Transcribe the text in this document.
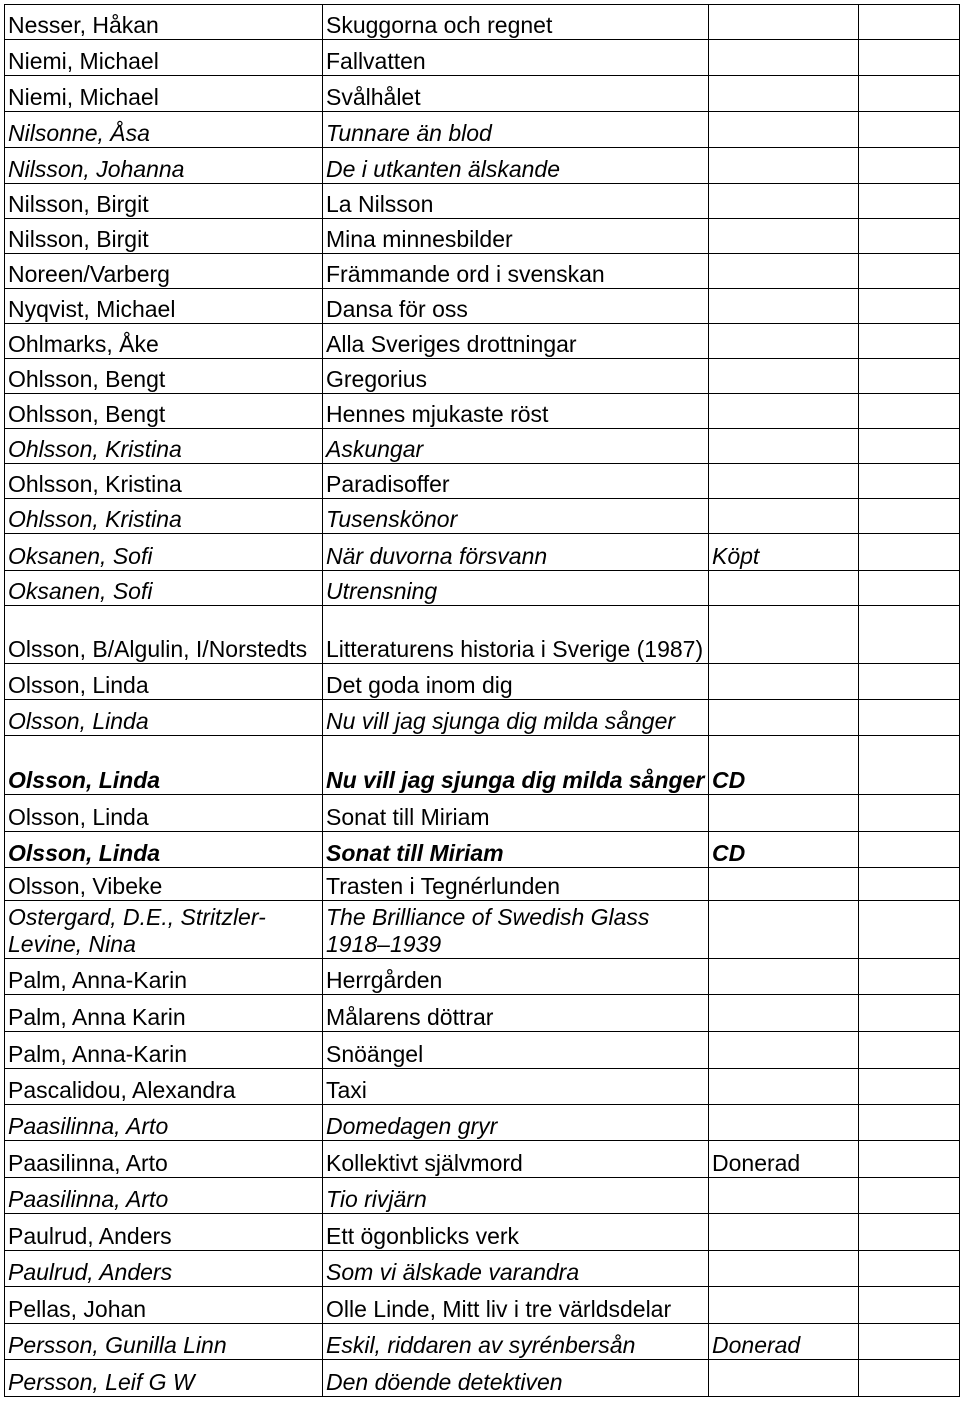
Nesser, Håkan	Skuggorna och regnet		
Niemi, Michael	Fallvatten		
Niemi, Michael	Svålhålet		
Nilsonne, Åsa	Tunnare än blod		
Nilsson, Johanna	De i utkanten älskande		
Nilsson, Birgit	La Nilsson		
Nilsson, Birgit	Mina minnesbilder		
Noreen/Varberg	Främmande ord i svenskan		
Nyqvist, Michael	Dansa för oss		
Ohlmarks, Åke	Alla Sveriges drottningar		
Ohlsson, Bengt	Gregorius		
Ohlsson, Bengt	Hennes mjukaste röst		
Ohlsson, Kristina	Askungar		
Ohlsson, Kristina	Paradisoffer		
Ohlsson, Kristina	Tusenskönor		
Oksanen, Sofi	När duvorna försvann	Köpt	
Oksanen, Sofi	Utrensning		
Olsson, B/Algulin, I/Norstedts	Litteraturens historia i Sverige (1987)		
Olsson, Linda	Det goda inom dig		
Olsson, Linda	Nu vill jag sjunga dig milda sånger		
Olsson, Linda	Nu vill jag sjunga dig milda sånger	CD	
Olsson, Linda	Sonat till Miriam		
Olsson, Linda	Sonat till Miriam	CD	
Olsson, Vibeke	Trasten i Tegnérlunden		
Ostergard, D.E., Stritzler-Levine, Nina	The Brilliance of Swedish Glass 1918–1939		
Palm, Anna-Karin	Herrgården		
Palm, Anna Karin	Målarens döttrar		
Palm, Anna-Karin	Snöängel		
Pascalidou, Alexandra	Taxi		
Paasilinna, Arto	Domedagen gryr		
Paasilinna, Arto	Kollektivt självmord	Donerad	
Paasilinna, Arto	Tio rivjärn		
Paulrud, Anders	Ett ögonblicks verk		
Paulrud, Anders	Som vi älskade varandra		
Pellas, Johan	Olle Linde, Mitt liv i tre världsdelar		
Persson, Gunilla Linn	Eskil, riddaren av syrénbersån	Donerad	
Persson, Leif G W	Den döende detektiven		
